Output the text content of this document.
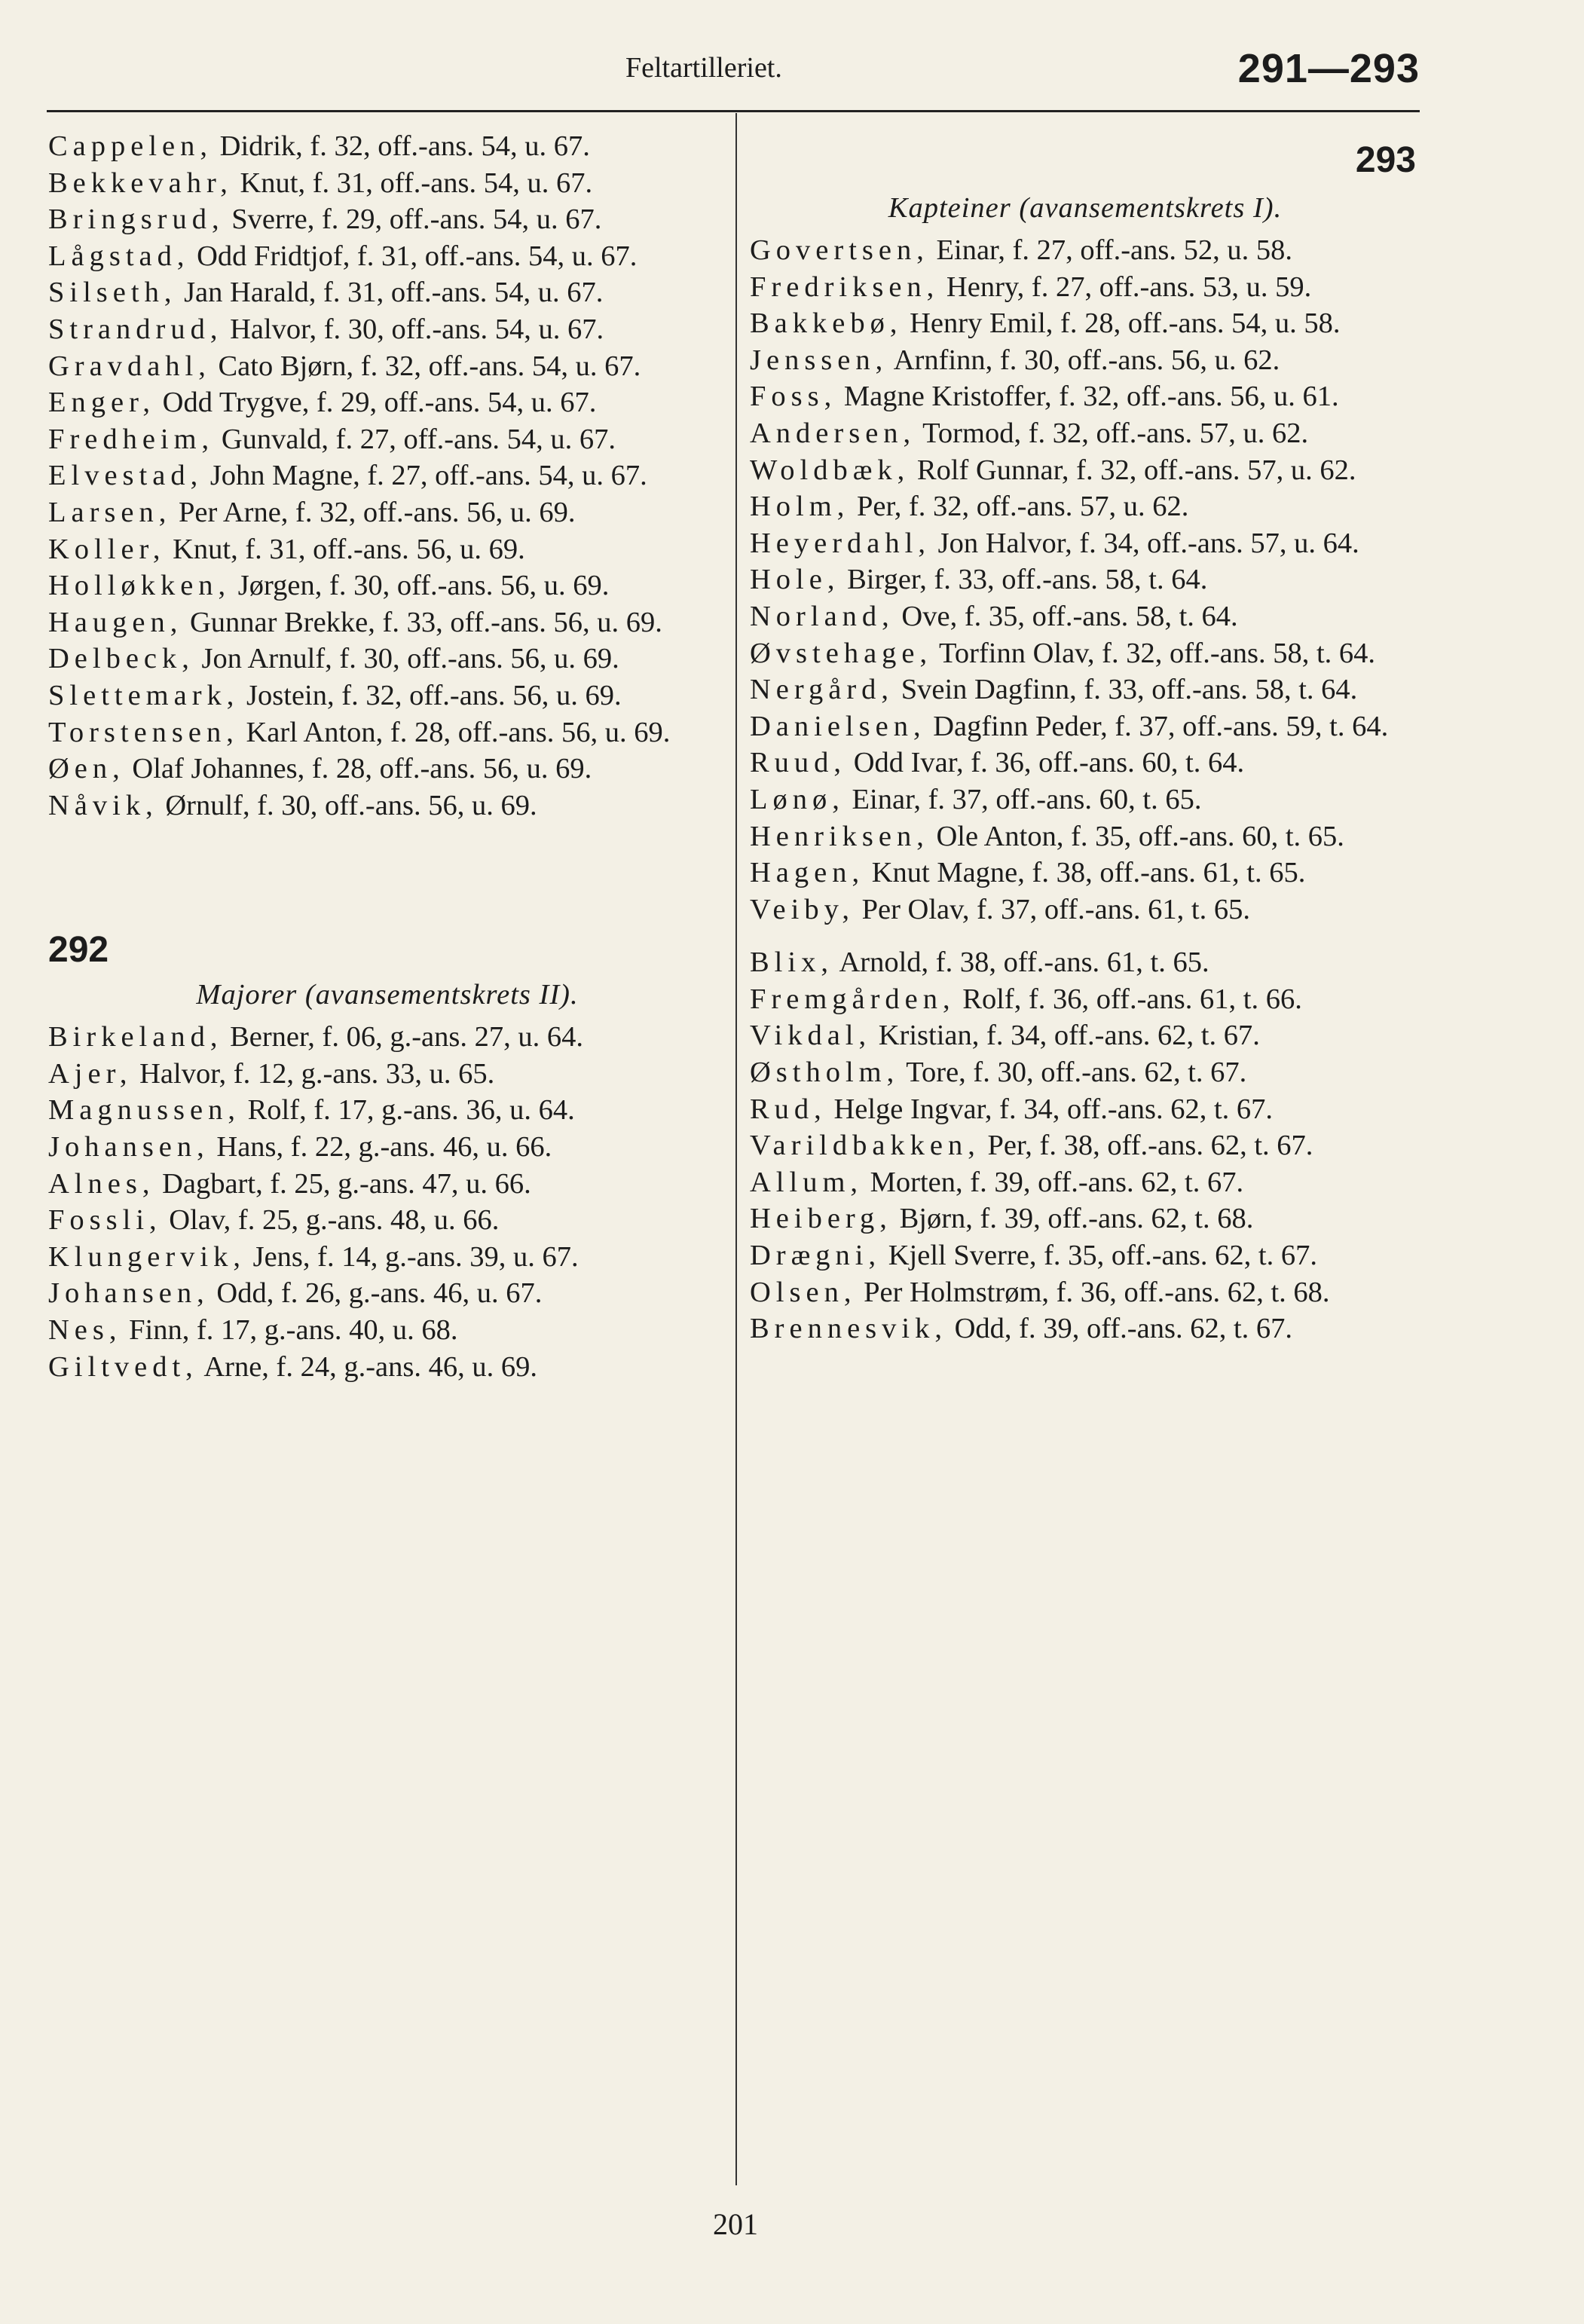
Feltartilleriet.	291—293

Cappelen, Didrik, f. 32, off.-ans. 54, u. 67.

Bekkevahr, Knut, f. 31, off.-ans. 54, u. 67.

Bringsrud, Sverre, f. 29, off.-ans. 54, u. 67.

Lågstad, Odd Fridtjof, f. 31, off.-ans. 54, u. 67.

Silseth, Jan Harald, f. 31, off.-ans. 54, u. 67.

Strandrud, Halvor, f. 30, off.-ans. 54, u. 67.

Gravdahl, Cato Bjørn, f. 32, off.-ans. 54, u. 67.

Enger, Odd Trygve, f. 29, off.-ans. 54, u. 67.

Fredheim, Gunvald, f. 27, off.-ans. 54, u. 67.

Elvestad, John Magne, f. 27, off.-ans. 54, u. 67.

Larsen, Per Arne, f. 32, off.-ans. 56, u. 69.

Koller, Knut, f. 31, off.-ans. 56, u. 69.

Holløkken, Jørgen, f. 30, off.-ans. 56, u. 69.

Haugen, Gunnar Brekke, f. 33, off.-ans. 56, u. 69.

Delbeck, Jon Arnulf, f. 30, off.-ans. 56, u. 69.

Slettemark, Jostein, f. 32, off.-ans. 56, u. 69.

Torstensen, Karl Anton, f. 28, off.-ans. 56, u. 69.

Øen, Olaf Johannes, f. 28, off.-ans. 56, u. 69.

Nåvik, Ørnulf, f. 30, off.-ans. 56, u. 69.

292
Majorer (avansementskrets II).

Birkeland, Berner, f. 06, g.-ans. 27, u. 64.

Ajer, Halvor, f. 12, g.-ans. 33, u. 65.

Magnussen, Rolf, f. 17, g.-ans. 36, u. 64.

Johansen, Hans, f. 22, g.-ans. 46, u. 66.

Alnes, Dagbart, f. 25, g.-ans. 47, u. 66.

Fossli, Olav, f. 25, g.-ans. 48, u. 66.

Klungervik, Jens, f. 14, g.-ans. 39, u. 67.

Johansen, Odd, f. 26, g.-ans. 46, u. 67.

Nes, Finn, f. 17, g.-ans. 40, u. 68.

Giltvedt, Arne, f. 24, g.-ans. 46, u. 69.

293
Kapteiner (avansementskrets I).

Govertsen, Einar, f. 27, off.-ans. 52, u. 58.

Fredriksen, Henry, f. 27, off.-ans. 53, u. 59.

Bakkebø, Henry Emil, f. 28, off.-ans. 54, u. 58.

Jenssen, Arnfinn, f. 30, off.-ans. 56, u. 62.

Foss, Magne Kristoffer, f. 32, off.-ans. 56, u. 61.

Andersen, Tormod, f. 32, off.-ans. 57, u. 62.

Woldbæk, Rolf Gunnar, f. 32, off.-ans. 57, u. 62.

Holm, Per, f. 32, off.-ans. 57, u. 62.

Heyerdahl, Jon Halvor, f. 34, off.-ans. 57, u. 64.

Hole, Birger, f. 33, off.-ans. 58, t. 64.

Norland, Ove, f. 35, off.-ans. 58, t. 64.

Øvstehage, Torfinn Olav, f. 32, off.-ans. 58, t. 64.

Nergård, Svein Dagfinn, f. 33, off.-ans. 58, t. 64.

Danielsen, Dagfinn Peder, f. 37, off.-ans. 59, t. 64.

Ruud, Odd Ivar, f. 36, off.-ans. 60, t. 64.

Lønø, Einar, f. 37, off.-ans. 60, t. 65.

Henriksen, Ole Anton, f. 35, off.-ans. 60, t. 65.

Hagen, Knut Magne, f. 38, off.-ans. 61, t. 65.

Veiby, Per Olav, f. 37, off.-ans. 61, t. 65.

Blix, Arnold, f. 38, off.-ans. 61, t. 65.

Fremgården, Rolf, f. 36, off.-ans. 61, t. 66.

Vikdal, Kristian, f. 34, off.-ans. 62, t. 67.

Østholm, Tore, f. 30, off.-ans. 62, t. 67.

Rud, Helge Ingvar, f. 34, off.-ans. 62, t. 67.

Varildbakken, Per, f. 38, off.-ans. 62, t. 67.

Allum, Morten, f. 39, off.-ans. 62, t. 67.

Heiberg, Bjørn, f. 39, off.-ans. 62, t. 68.

Drægni, Kjell Sverre, f. 35, off.-ans. 62, t. 67.

Olsen, Per Holmstrøm, f. 36, off.-ans. 62, t. 68.

Brennesvik, Odd, f. 39, off.-ans. 62, t. 67.

201
